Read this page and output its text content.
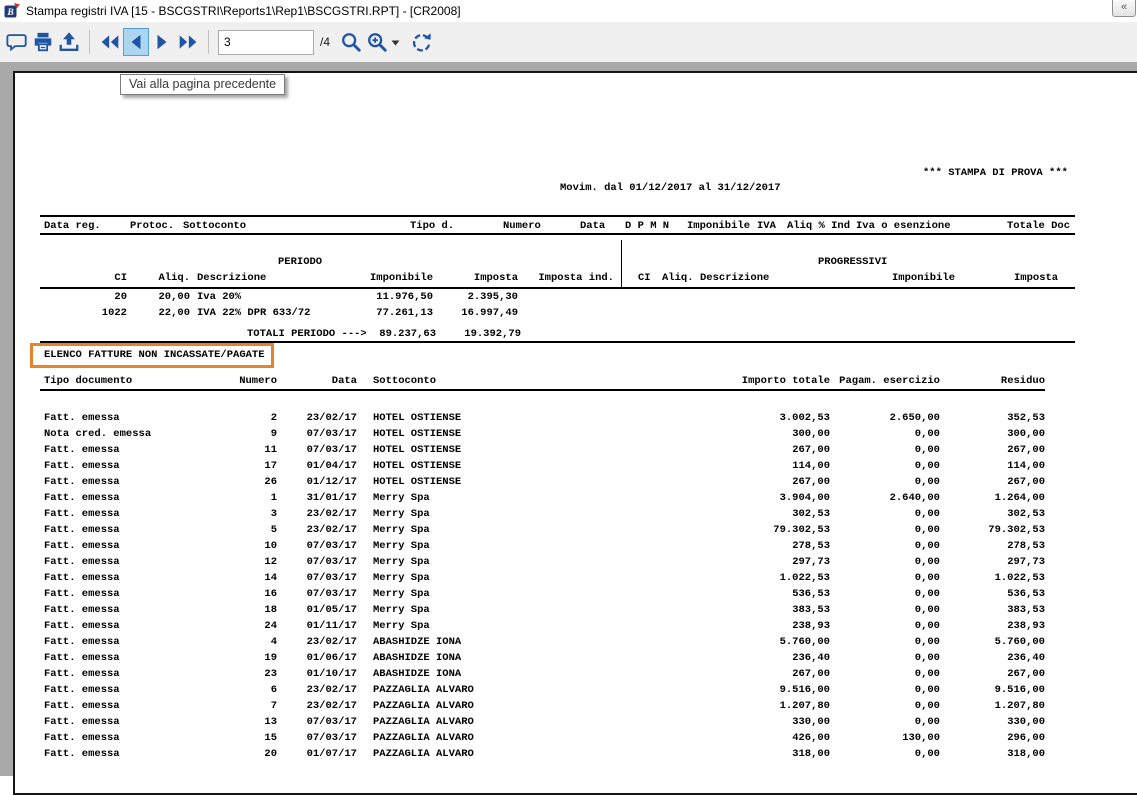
B Stampa registri IVA [15 - BSCGSTRI\Reports1\Rep1\BSCGSTRI.RPT] - [CR2008]	«
3
/4
*** STAMPA DI PROVA ***
Movim. dal 01/12/2017 al 31/12/2017
Data reg.	Protoc. Sottoconto	Tipo d.	Numero	Data D P M N Imponibile IVA Aliq % Ind Iva o esenzione	Totale Doc
PERIODO	PROGRESSIVI
CI	Aliq. Descrizione	Imponibile	Imposta	Imposta ind. CI Aliq. Descrizione	Imponibile	Imposta
20	20,00 Iva 20%	11.976,50	2.395,30
1022	22,00 IVA 22% DPR 633/72	77.261,13	16.997,49
TOTALI PERIODO --->	89.237,63	19.392,79
ELENCO FATTURE NON INCASSATE/PAGATE
Tipo documento	Numero	Data Sottoconto	Importo totale Pagam. esercizio	Residuo
Fatt. emessa	2	23/02/17 HOTEL OSTIENSE	3.002,53	2.650,00	352,53
Nota cred. emessa	9	07/03/17 HOTEL OSTIENSE	300,00	0,00	300,00
Fatt. emessa	11	07/03/17 HOTEL OSTIENSE	267,00	0,00	267,00
Fatt. emessa	17	01/04/17 HOTEL OSTIENSE	114,00	0,00	114,00
Fatt. emessa	26	01/12/17 HOTEL OSTIENSE	267,00	0,00	267,00
Fatt. emessa	1	31/01/17 Merry Spa	3.904,00	2.640,00	1.264,00
Fatt. emessa	3	23/02/17 Merry Spa	302,53	0,00	302,53
Fatt. emessa	5	23/02/17 Merry Spa	79.302,53	0,00	79.302,53
Fatt. emessa	10	07/03/17 Merry Spa	278,53	0,00	278,53
Fatt. emessa	12	07/03/17 Merry Spa	297,73	0,00	297,73
Fatt. emessa	14	07/03/17 Merry Spa	1.022,53	0,00	1.022,53
Fatt. emessa	16	07/03/17 Merry Spa	536,53	0,00	536,53
Fatt. emessa	18	01/05/17 Merry Spa	383,53	0,00	383,53
Fatt. emessa	24	01/11/17 Merry Spa	238,93	0,00	238,93
Fatt. emessa	4	23/02/17 ABASHIDZE IONA	5.760,00	0,00	5.760,00
Fatt. emessa	19	01/06/17 ABASHIDZE IONA	236,40	0,00	236,40
Fatt. emessa	23	01/10/17 ABASHIDZE IONA	267,00	0,00	267,00
Fatt. emessa	6	23/02/17 PAZZAGLIA ALVARO	9.516,00	0,00	9.516,00
Fatt. emessa	7	23/02/17 PAZZAGLIA ALVARO	1.207,80	0,00	1.207,80
Fatt. emessa	13	07/03/17 PAZZAGLIA ALVARO	330,00	0,00	330,00
Fatt. emessa	15	07/03/17 PAZZAGLIA ALVARO	426,00	130,00	296,00
Fatt. emessa	20	01/07/17 PAZZAGLIA ALVARO	318,00	0,00	318,00
Vai alla pagina precedente
